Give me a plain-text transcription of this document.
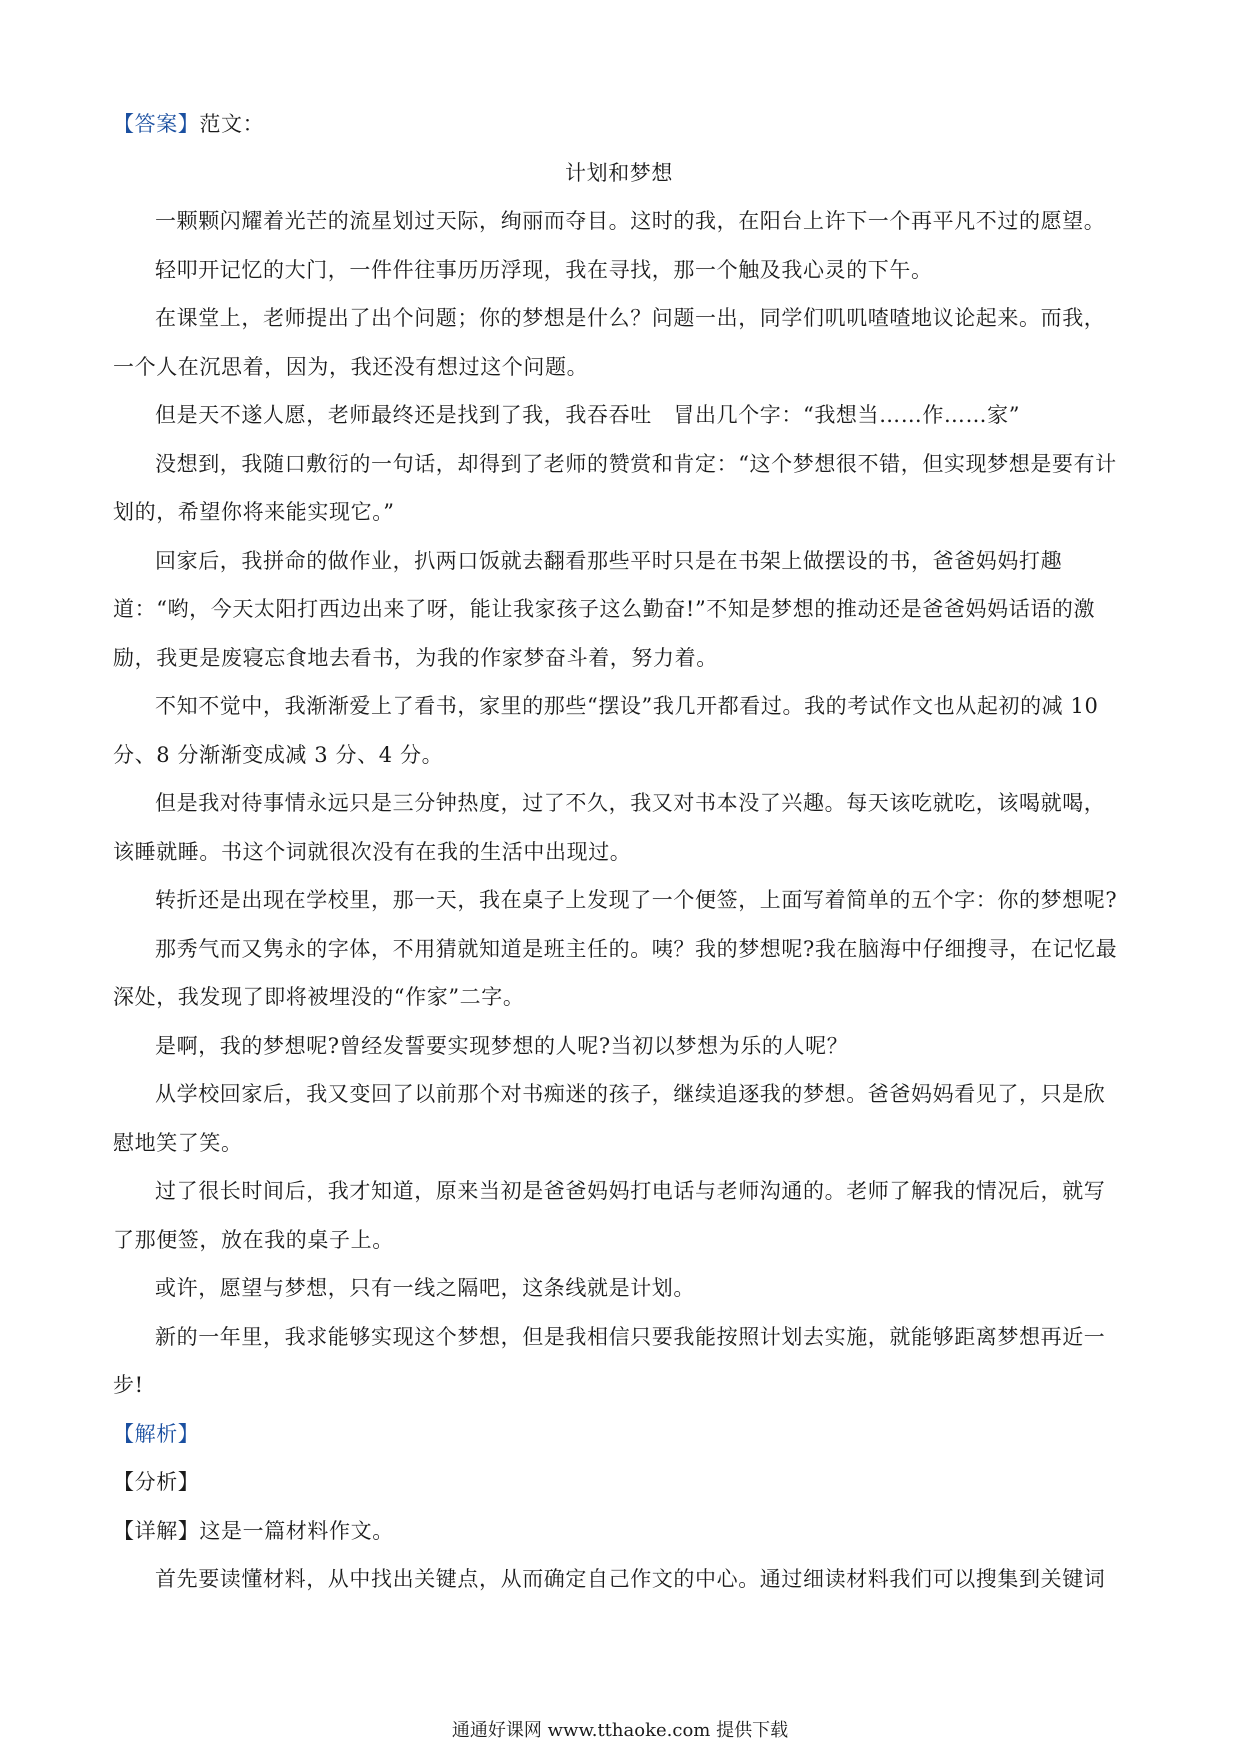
【答案】范文：

计划和梦想

一颗颗闪耀着光芒的流星划过天际，绚丽而夺目。这时的我，在阳台上许下一个再平凡不过的愿望。

轻叩开记忆的大门，一件件往事历历浮现，我在寻找，那一个触及我心灵的下午。

在课堂上，老师提出了出个问题；你的梦想是什么？问题一出，同学们叽叽喳喳地议论起来。而我，一个人在沉思着，因为，我还没有想过这个问题。

但是天不遂人愿，老师最终还是找到了我，我吞吞吐　冒出几个字：“我想当……作……家”

没想到，我随口敷衍的一句话，却得到了老师的赞赏和肯定：“这个梦想很不错，但实现梦想是要有计划的，希望你将来能实现它。”

回家后，我拼命的做作业，扒两口饭就去翻看那些平时只是在书架上做摆设的书，爸爸妈妈打趣道：“哟，今天太阳打西边出来了呀，能让我家孩子这么勤奋!”不知是梦想的推动还是爸爸妈妈话语的激励，我更是废寝忘食地去看书，为我的作家梦奋斗着，努力着。

不知不觉中，我渐渐爱上了看书，家里的那些“摆设”我几开都看过。我的考试作文也从起初的减 10 分、8 分渐渐变成减 3 分、4 分。

但是我对待事情永远只是三分钟热度，过了不久，我又对书本没了兴趣。每天该吃就吃，该喝就喝，该睡就睡。书这个词就很次没有在我的生活中出现过。

转折还是出现在学校里，那一天，我在桌子上发现了一个便签，上面写着简单的五个字：你的梦想呢?

那秀气而又隽永的字体，不用猜就知道是班主任的。咦？我的梦想呢?我在脑海中仔细搜寻，在记忆最深处，我发现了即将被埋没的“作家”二字。

是啊，我的梦想呢?曾经发誓要实现梦想的人呢?当初以梦想为乐的人呢？

从学校回家后，我又变回了以前那个对书痴迷的孩子，继续追逐我的梦想。爸爸妈妈看见了，只是欣慰地笑了笑。

过了很长时间后，我才知道，原来当初是爸爸妈妈打电话与老师沟通的。老师了解我的情况后，就写了那便签，放在我的桌子上。

或许，愿望与梦想，只有一线之隔吧，这条线就是计划。

新的一年里，我求能够实现这个梦想，但是我相信只要我能按照计划去实施，就能够距离梦想再近一步!

【解析】

【分析】

【详解】这是一篇材料作文。

首先要读懂材料，从中找出关键点，从而确定自己作文的中心。通过细读材料我们可以搜集到关键词

通通好课网 www.tthaoke.com 提供下载
